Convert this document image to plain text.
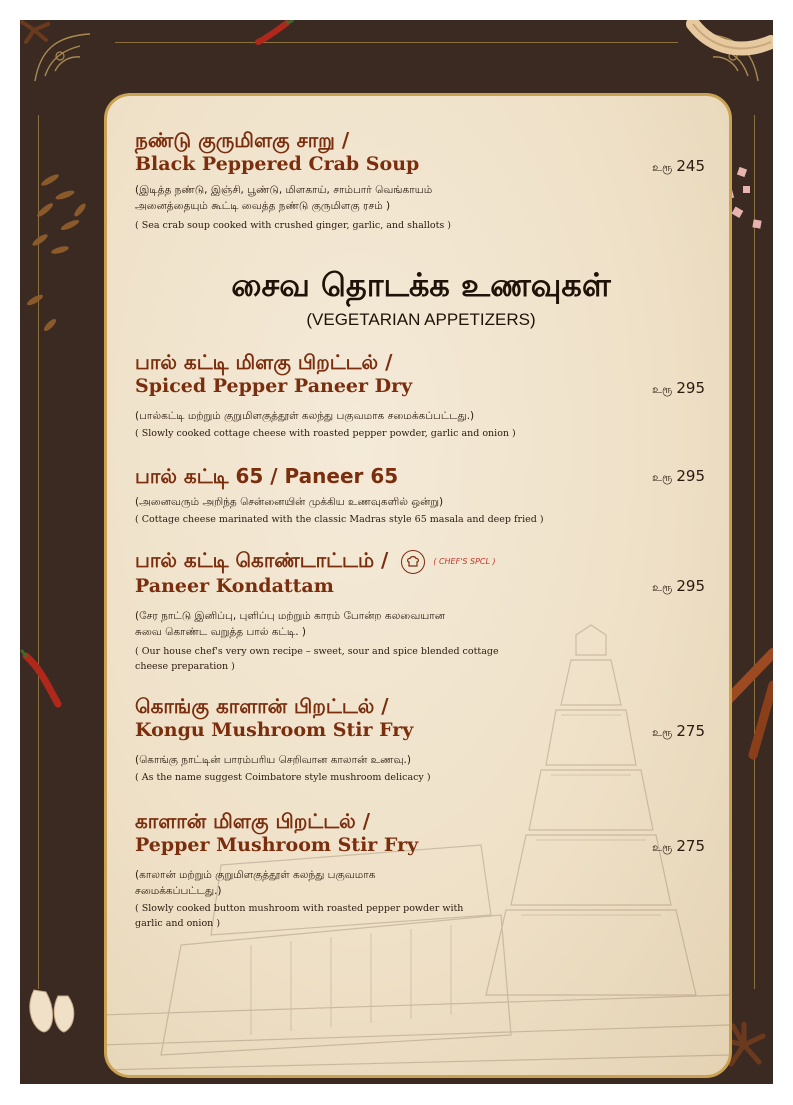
நண்டு குருமிளகு சாறு /
Black Peppered Crab Soup
(இடித்த நண்டு, இஞ்சி, பூண்டு, மிளகாய், சாம்பார் வெங்காயம்
அனைத்தையும் கூட்டி வைத்த நண்டு குருமிளகு ரசம் )
( Sea crab soup cooked with crushed ginger, garlic, and shallots )
உரூ 245
சைவ தொடக்க உணவுகள்
(VEGETARIAN APPETIZERS)
பால் கட்டி மிளகு பிறட்டல் /
Spiced Pepper Paneer Dry
(பால்கட்டி மற்றும் குறுமிளகுத்தூள் கலந்து பகுவமாக சமைக்கப்பட்டது.)
( Slowly cooked cottage cheese with roasted pepper powder, garlic and onion )
உரூ 295
பால் கட்டி 65 / Paneer 65
(அனைவரும் அறிந்த சென்னையின் முக்கிய உணவுகளில் ஒன்று)
( Cottage cheese marinated with the classic Madras style 65 masala and deep fried )
உரூ 295
பால் கட்டி கொண்டாட்டம் /	( CHEF'S SPCL )
Paneer Kondattam
(சேர நாட்டு இனிப்பு, புளிப்பு மற்றும் காரம் போன்ற கலவையான
சுவை கொண்ட வறுத்த பால் கட்டி. )
( Our house chef's very own recipe – sweet, sour and spice blended cottage
cheese preparation )
உரூ 295
கொங்கு காளான் பிறட்டல் /
Kongu Mushroom Stir Fry
(கொங்கு நாட்டின் பாரம்பரிய செறிவான காலான் உணவு.)
( As the name suggest Coimbatore style mushroom delicacy )
உரூ 275
காளான் மிளகு பிறட்டல் /
Pepper Mushroom Stir Fry
(காலான் மற்றும் குறுமிளகுத்தூள் கலந்து பகுவமாக
சமைக்கப்பட்டது.)
( Slowly cooked button mushroom with roasted pepper powder with
garlic and onion )
உரூ 275
